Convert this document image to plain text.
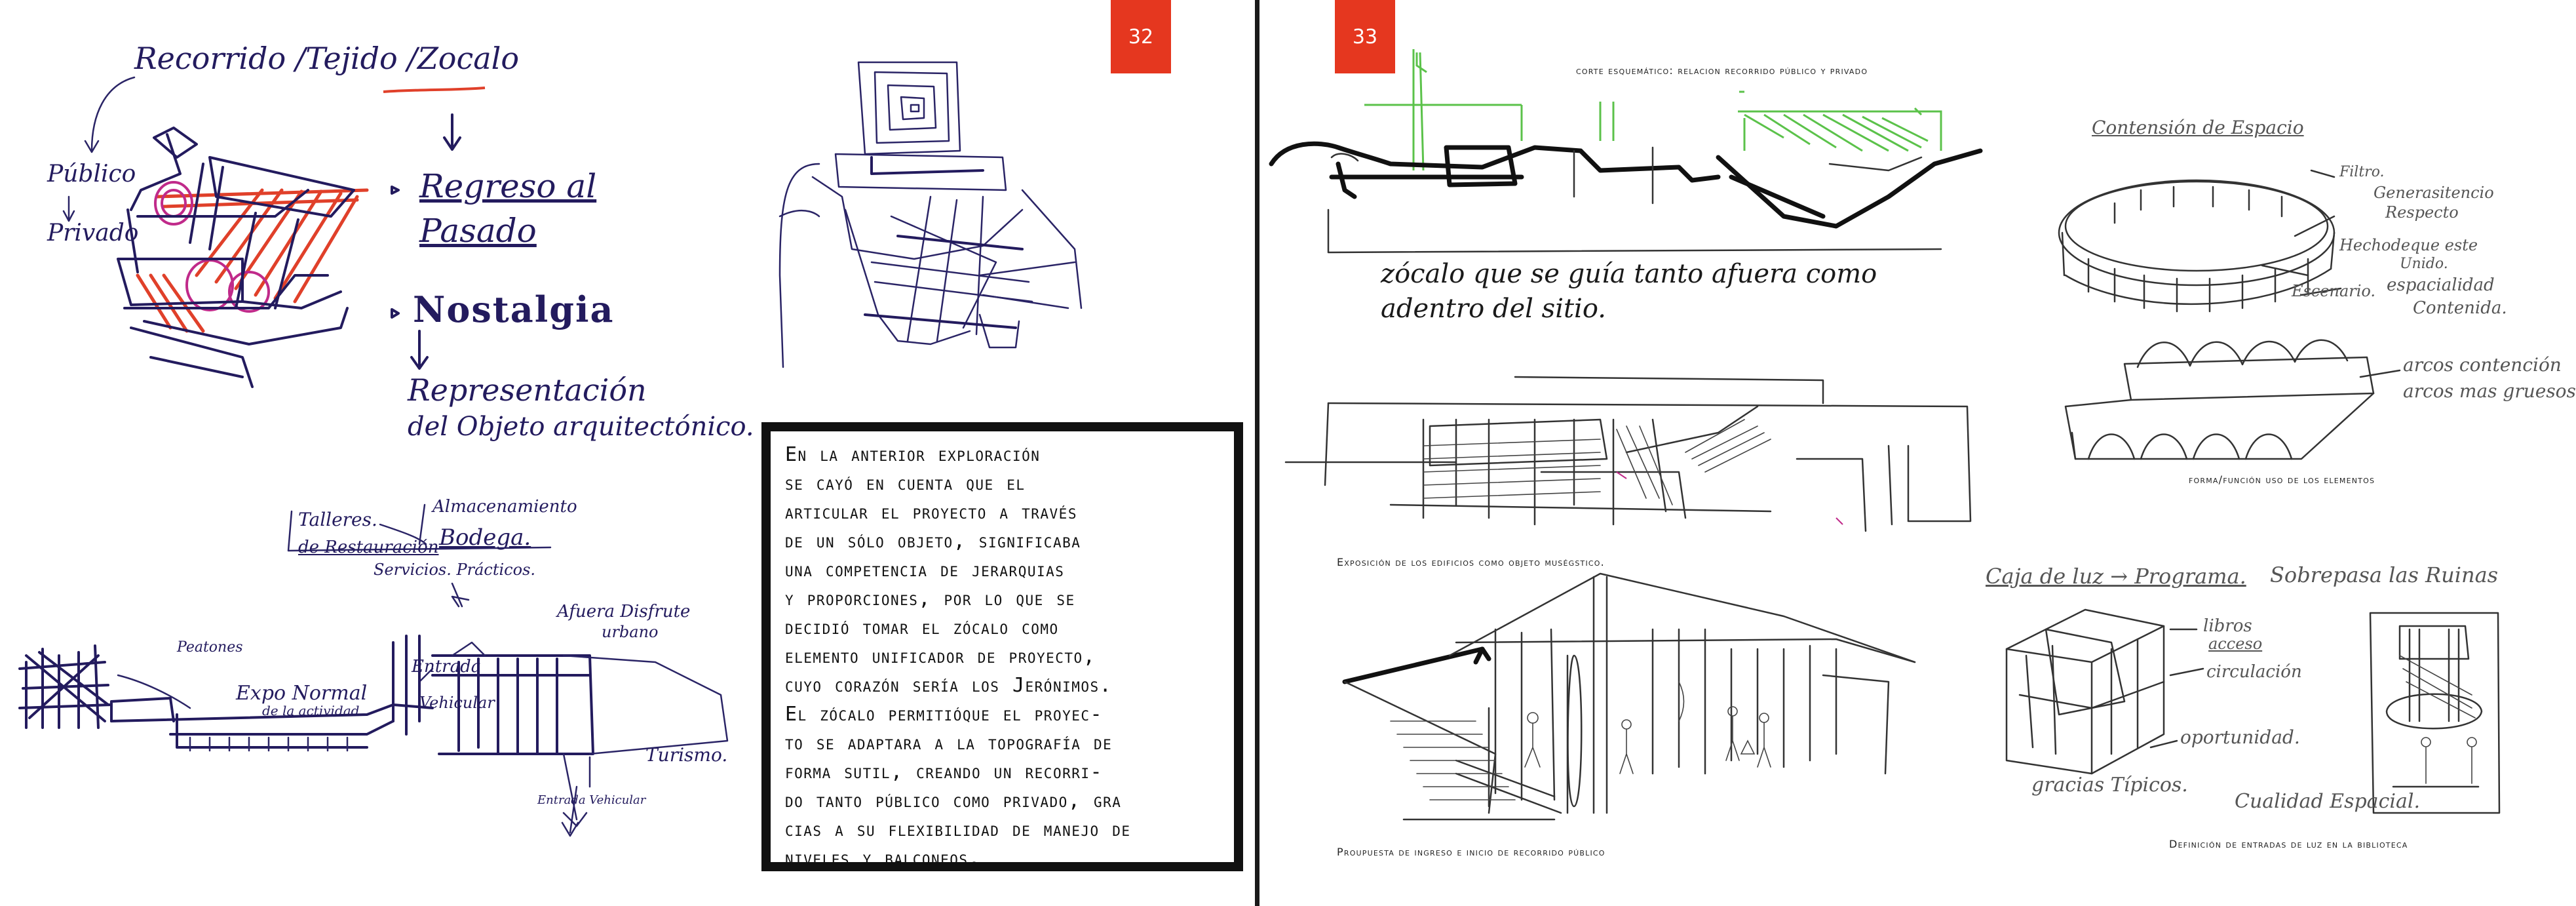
32
Recorrido /Tejido /Zocalo
Público
Privado
Regreso al Pasado
Nostalgia
Representación
del Objeto arquitectónico.
Talleres.
de Restauración
Almacenamiento
Bodega.
Servicios. Prácticos.
Afuera Disfrute
urbano
Expo Normal
de la actividad
Entrada
Peatones
Vehicular
Turismo.
Entrada Vehicular
En la anterior exploración
se cayó en cuenta que el
articular el proyecto a través
de un sólo objeto, significaba
una competencia de jerarquias
y proporciones, por lo que se
decidió tomar el zócalo como
elemento unificador de proyecto,
cuyo corazón sería los Jerónimos.
El zócalo permitióque el proyec-
to se adaptara a la topografía de
forma sutil, creando un recorri-
do tanto público como privado, gra
cias a su flexibilidad de manejo de
niveles y balconeos.
33
corte esquemático: relacion recorrido público y privado
zócalo que se guía tanto afuera como
adentro del sitio.
Exposición de los edificios como objeto muségstico.
Proupuesta de ingreso e inicio de recorrido público
Contensión de Espacio
Filtro.
Generasitencio
Respecto
Hechodeque este
Unido.
Escenario. espacialidad
Contenida.
arcos contención
arcos mas gruesos
forma/función uso de los elementos
Caja de luz → Programa. Sobrepasa las Ruinas
libros
acceso
circulación
oportunidad.
gracias Típicos.
Cualidad Espacial.
Definición de entradas de luz en la biblioteca
